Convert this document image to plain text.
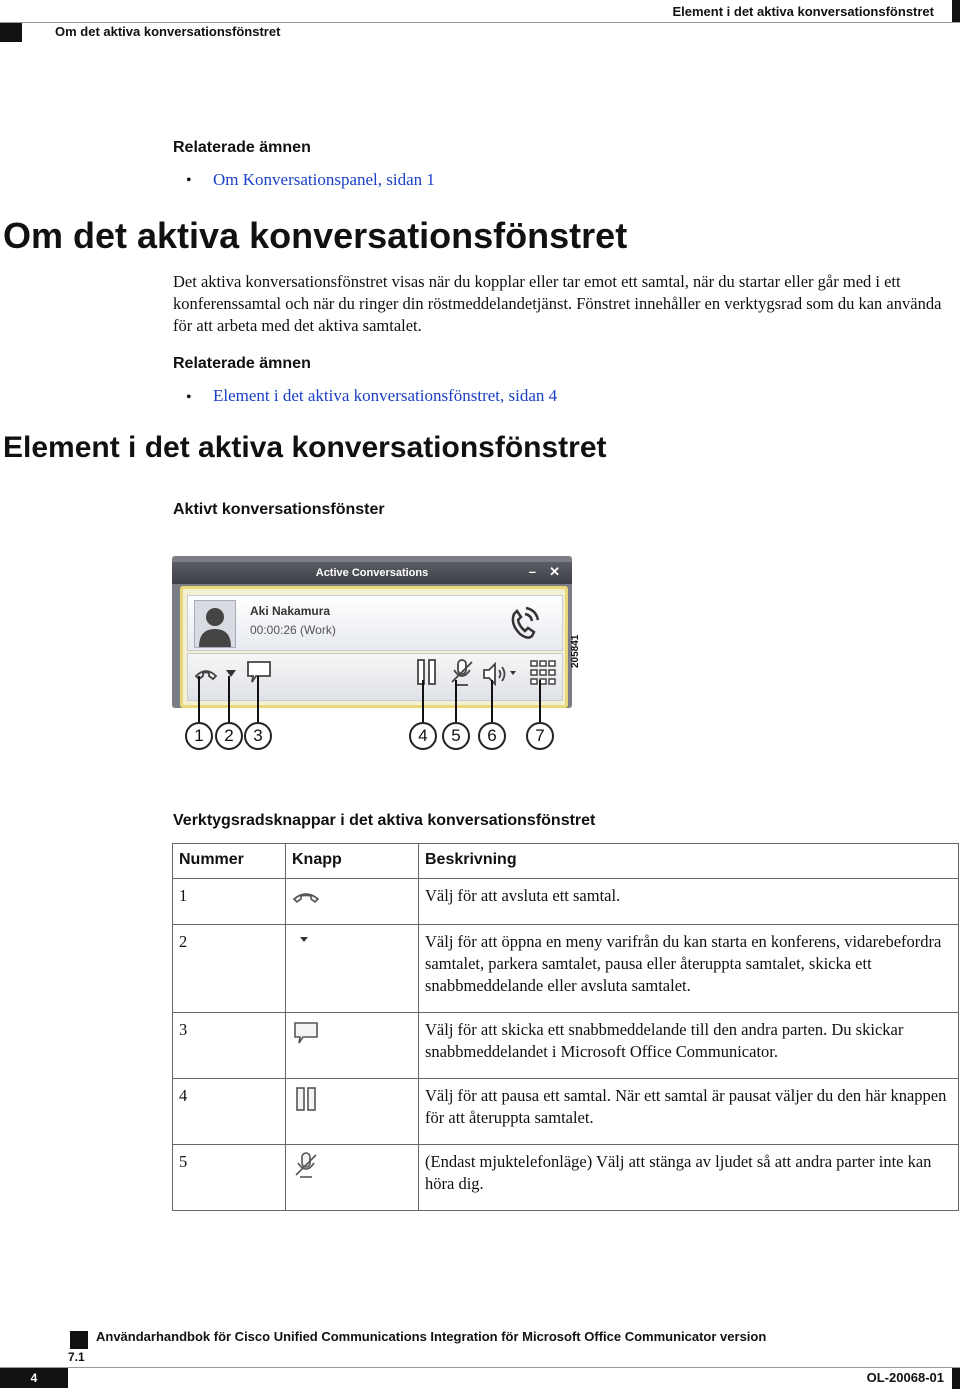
Om det aktiva konversationsfönstret
Element i det aktiva konversationsfönstret
Relaterade ämnen
• Om Konversationspanel, sidan 1
Om det aktiva konversationsfönstret
Det aktiva konversationsfönstret visas när du kopplar eller tar emot ett samtal, när du startar eller går med i ett konferenssamtal och när du ringer din röstmeddelandetjänst. Fönstret innehåller en verktygsrad som du kan använda för att arbeta med det aktiva samtalet.
Relaterade ämnen
• Element i det aktiva konversationsfönstret, sidan 4
Element i det aktiva konversationsfönstret
Aktivt konversationsfönster
Active Conversations	– ✕
Aki Nakamura
00:00:26 (Work)
205841
1	2	3	4	5	6	7
Verktygsradsknappar i det aktiva konversationsfönstret
Nummer	Knapp	Beskrivning
1		Välj för att avsluta ett samtal.
2		Välj för att öppna en meny varifrån du kan starta en konferens, vidarebefordra samtalet, parkera samtalet, pausa eller återuppta samtalet, skicka ett snabbmeddelande eller avsluta samtalet.
3		Välj för att skicka ett snabbmeddelande till den andra parten. Du skickar snabbmeddelandet i Microsoft Office Communicator.
4		Välj för att pausa ett samtal. När ett samtal är pausat väljer du den här knappen för att återuppta samtalet.
5		(Endast mjuktelefonläge) Välj att stänga av ljudet så att andra parter inte kan höra dig.
Användarhandbok för Cisco Unified Communications Integration för Microsoft Office Communicator version
7.1
4	OL-20068-01
